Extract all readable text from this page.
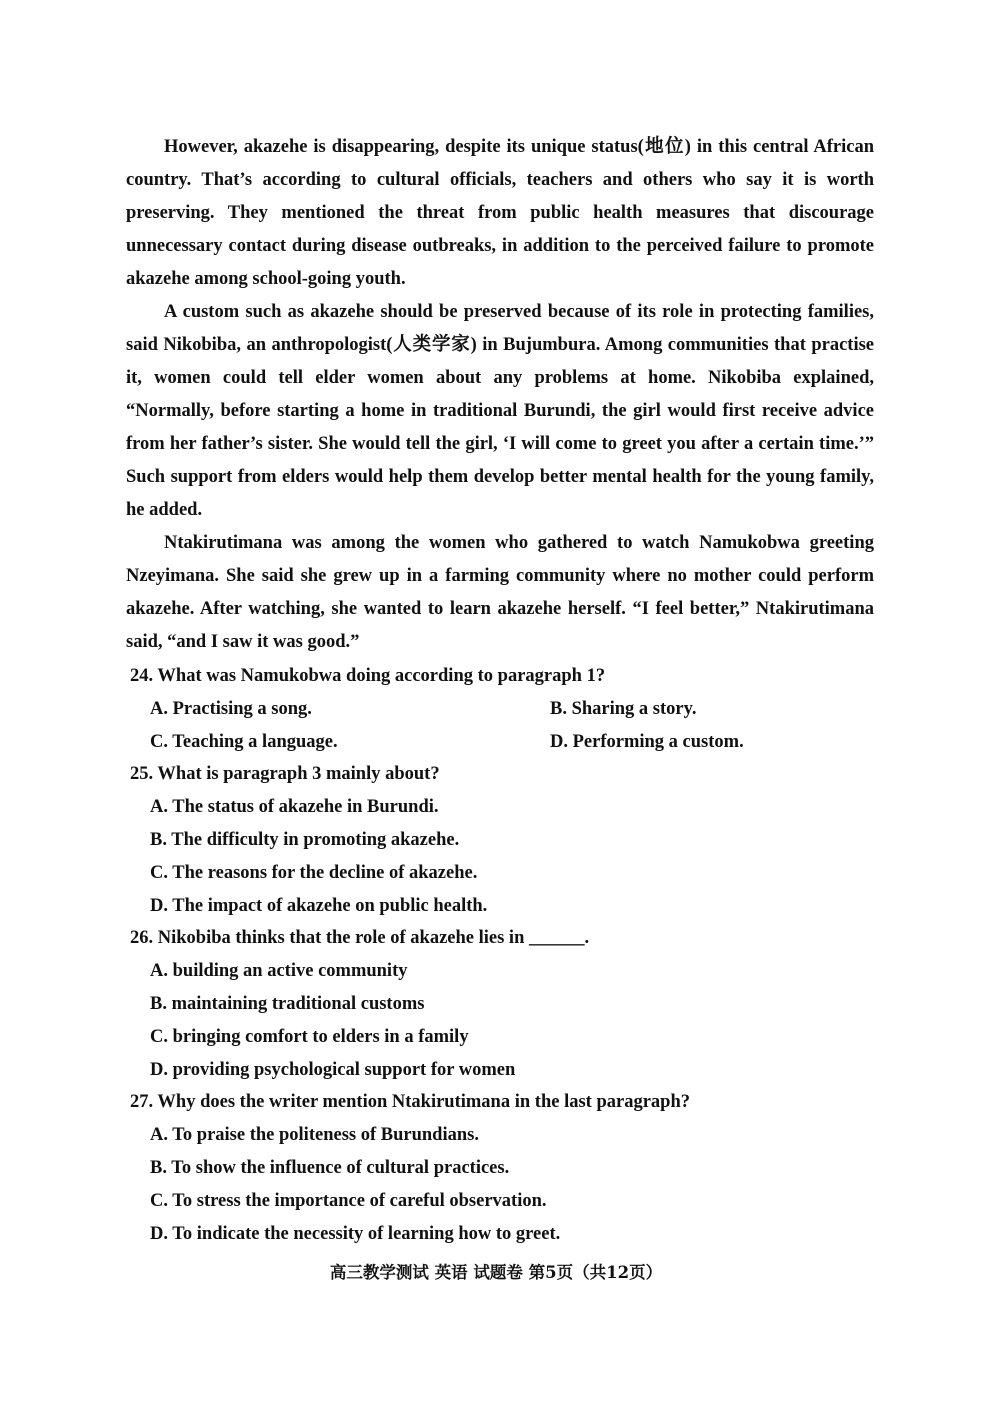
However, akazehe is disappearing, despite its unique status(地位) in this central African country. That’s according to cultural officials, teachers and others who say it is worth preserving. They mentioned the threat from public health measures that discourage unnecessary contact during disease outbreaks, in addition to the perceived failure to promote akazehe among school-going youth.

A custom such as akazehe should be preserved because of its role in protecting families, said Nikobiba, an anthropologist(人类学家) in Bujumbura. Among communities that practise it, women could tell elder women about any problems at home. Nikobiba explained, “Normally, before starting a home in traditional Burundi, the girl would first receive advice from her father’s sister. She would tell the girl, ‘I will come to greet you after a certain time.’” Such support from elders would help them develop better mental health for the young family, he added.

Ntakirutimana was among the women who gathered to watch Namukobwa greeting Nzeyimana. She said she grew up in a farming community where no mother could perform akazehe. After watching, she wanted to learn akazehe herself. “I feel better,” Ntakirutimana said, “and I saw it was good.”

24. What was Namukobwa doing according to paragraph 1?

A. Practising a song.	B. Sharing a story.

C. Teaching a language.	D. Performing a custom.

25. What is paragraph 3 mainly about?

A. The status of akazehe in Burundi.

B. The difficulty in promoting akazehe.

C. The reasons for the decline of akazehe.

D. The impact of akazehe on public health.

26. Nikobiba thinks that the role of akazehe lies in ______.

A. building an active community

B. maintaining traditional customs

C. bringing comfort to elders in a family

D. providing psychological support for women

27. Why does the writer mention Ntakirutimana in the last paragraph?

A. To praise the politeness of Burundians.

B. To show the influence of cultural practices.

C. To stress the importance of careful observation.

D. To indicate the necessity of learning how to greet.

高三教学测试 英语 试题卷 第5页（共12页）
